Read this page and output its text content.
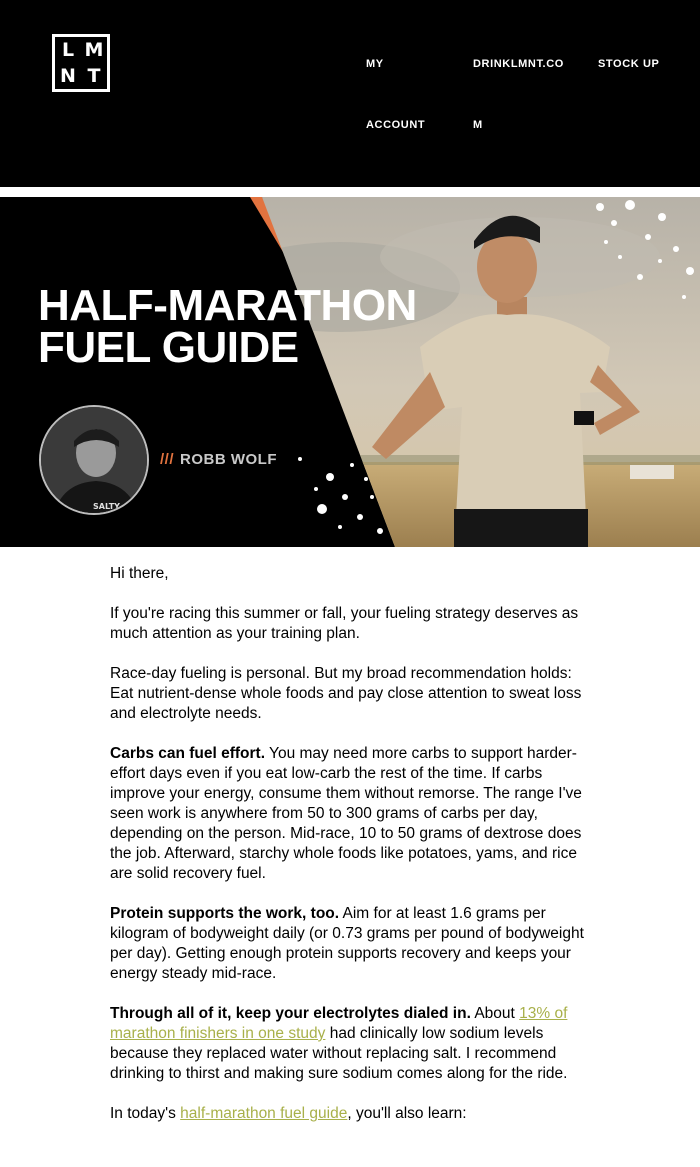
L M
N T
MY
ACCOUNT
DRINKLMNT.CO
M
STOCK UP
HALF-MARATHON
FUEL GUIDE
SALTY
/// ROBB WOLF

Hi there,

If you're racing this summer or fall, your fueling strategy deserves as much attention as your training plan.

Race-day fueling is personal. But my broad recommendation holds: Eat nutrient-dense whole foods and pay close attention to sweat loss and electrolyte needs.

Carbs can fuel effort. You may need more carbs to support harder-effort days even if you eat low-carb the rest of the time. If carbs improve your energy, consume them without remorse. The range I've seen work is anywhere from 50 to 300 grams of carbs per day, depending on the person. Mid-race, 10 to 50 grams of dextrose does the job. Afterward, starchy whole foods like potatoes, yams, and rice are solid recovery fuel.

Protein supports the work, too. Aim for at least 1.6 grams per kilogram of bodyweight daily (or 0.73 grams per pound of bodyweight per day). Getting enough protein supports recovery and keeps your energy steady mid-race.

Through all of it, keep your electrolytes dialed in. About 13% of marathon finishers in one study had clinically low sodium levels because they replaced water without replacing salt. I recommend drinking to thirst and making sure sodium comes along for the ride.

In today's half-marathon fuel guide, you'll also learn:
